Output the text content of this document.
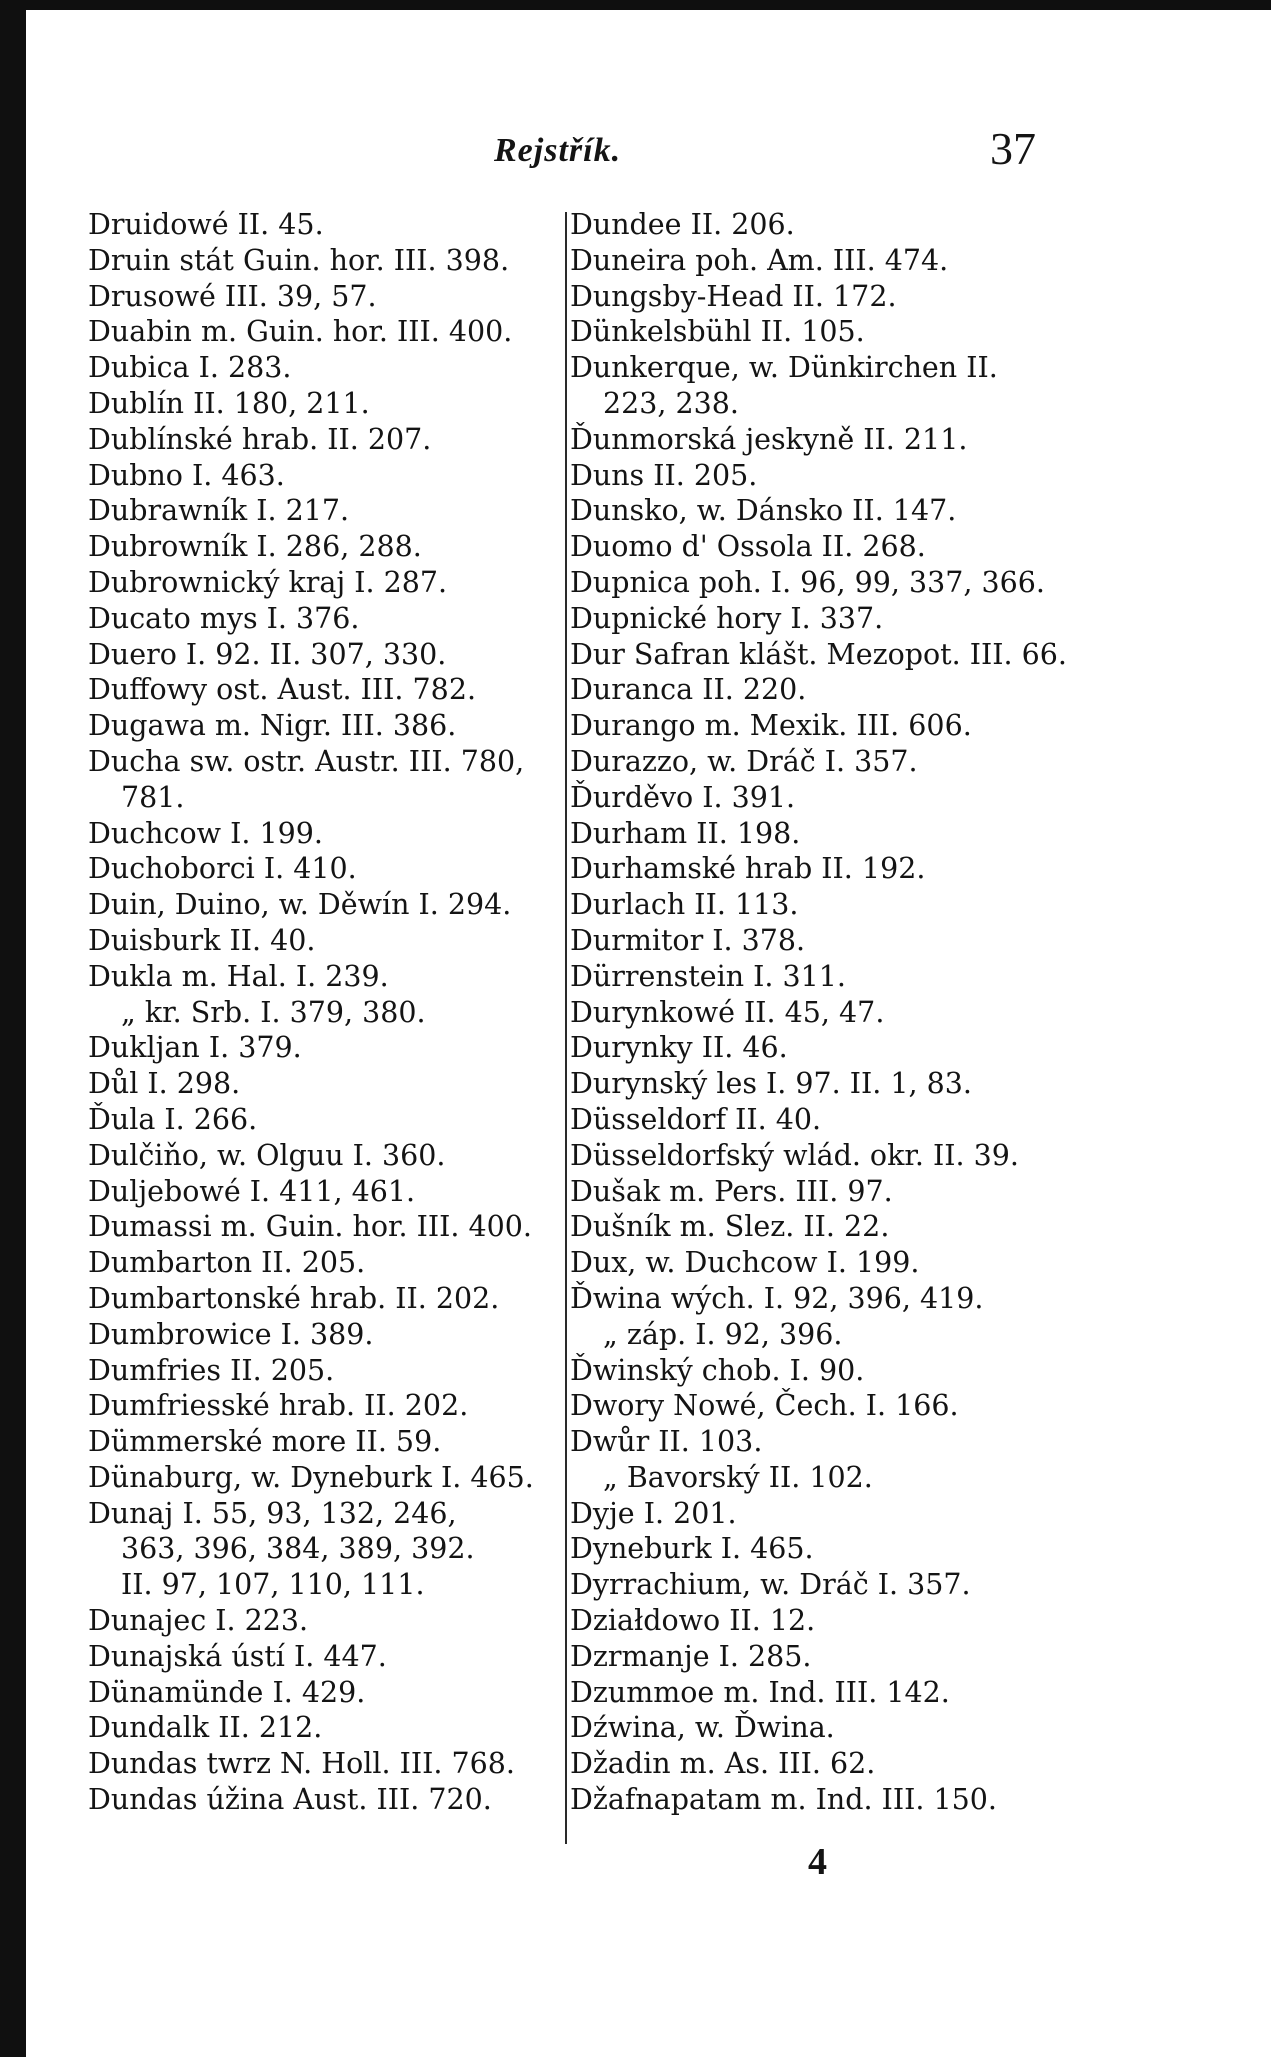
Rejstřík.	37
Druidowé II. 45.
Druin stát Guin. hor. III. 398.
Drusowé III. 39, 57.
Duabin m. Guin. hor. III. 400.
Dubica I. 283.
Dublín II. 180, 211.
Dublínské hrab. II. 207.
Dubno I. 463.
Dubrawník I. 217.
Dubrowník I. 286, 288.
Dubrownický kraj I. 287.
Ducato mys I. 376.
Duero I. 92. II. 307, 330.
Duffowy ost. Aust. III. 782.
Dugawa m. Nigr. III. 386.
Ducha sw. ostr. Austr. III. 780,
781.
Duchcow I. 199.
Duchoborci I. 410.
Duin, Duino, w. Děwín I. 294.
Duisburk II. 40.
Dukla m. Hal. I. 239.
„ kr. Srb. I. 379, 380.
Dukljan I. 379.
Důl I. 298.
Ďula I. 266.
Dulčiňo, w. Olguu I. 360.
Duljebowé I. 411, 461.
Dumassi m. Guin. hor. III. 400.
Dumbarton II. 205.
Dumbartonské hrab. II. 202.
Dumbrowice I. 389.
Dumfries II. 205.
Dumfriesské hrab. II. 202.
Dümmerské more II. 59.
Dünaburg, w. Dyneburk I. 465.
Dunaj I. 55, 93, 132, 246,
363, 396, 384, 389, 392.
II. 97, 107, 110, 111.
Dunajec I. 223.
Dunajská ústí I. 447.
Dünamünde I. 429.
Dundalk II. 212.
Dundas twrz N. Holl. III. 768.
Dundas úžina Aust. III. 720.
Dundee II. 206.
Duneira poh. Am. III. 474.
Dungsby-Head II. 172.
Dünkelsbühl II. 105.
Dunkerque, w. Dünkirchen II.
223, 238.
Ďunmorská jeskyně II. 211.
Duns II. 205.
Dunsko, w. Dánsko II. 147.
Duomo d' Ossola II. 268.
Dupnica poh. I. 96, 99, 337, 366.
Dupnické hory I. 337.
Dur Safran klášt. Mezopot. III. 66.
Duranca II. 220.
Durango m. Mexik. III. 606.
Durazzo, w. Dráč I. 357.
Ďurděvo I. 391.
Durham II. 198.
Durhamské hrab II. 192.
Durlach II. 113.
Durmitor I. 378.
Dürrenstein I. 311.
Durynkowé II. 45, 47.
Durynky II. 46.
Durynský les I. 97. II. 1, 83.
Düsseldorf II. 40.
Düsseldorfský wlád. okr. II. 39.
Dušak m. Pers. III. 97.
Dušník m. Slez. II. 22.
Dux, w. Duchcow I. 199.
Ďwina wých. I. 92, 396, 419.
„ záp. I. 92, 396.
Ďwinský chob. I. 90.
Dwory Nowé, Čech. I. 166.
Dwůr II. 103.
„ Bavorský II. 102.
Dyje I. 201.
Dyneburk I. 465.
Dyrrachium, w. Dráč I. 357.
Działdowo II. 12.
Dzrmanje I. 285.
Dzummoe m. Ind. III. 142.
Dźwina, w. Ďwina.
Džadin m. As. III. 62.
Džafnapatam m. Ind. III. 150.
4
